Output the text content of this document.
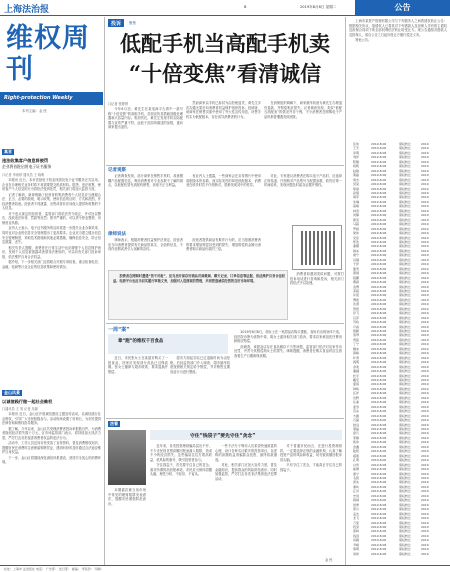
上海法治报	B	2019年8月6日 星期二	公告
维权周刊
Right-protection Weekly
本刊主编：金 民
真言
违法收集客户信息将被罚
企业将首批启用电子证书服务
口记者 李雨婷 通讯员 王 晓明

本报讯 近日，本市首批电子营业执照及电子证书服务正式启用，企业在办理相关业务时将不再需要提交纸质材料。据悉，违法收集、使用客户个人信息的行为将依法受到处罚，相关部门将加大监管力度。

记者了解到，新规明确了经营者收集消费者个人信息应当遵循合法、正当、必要的原则，明示收集、使用信息的目的、方式和范围，并经消费者同意。经营者不得泄露、出售或者非法向他人提供所收集的个人信息。

对于违反规定的经营者，监管部门将依法责令改正，并可处以警告、没收违法所得、罚款等处罚；情节严重的，可以责令停业整顿、吊销营业执照。

业内人士表示，电子证书服务的启用将进一步提升企业办事效率，同时也对企业的信息安全管理提出了更高要求。企业应当建立健全信息安全管理制度，采取技术措施和其他必要措施，确保信息安全，防止信息泄露、丢失。

相关负责人提醒，消费者在日常生活中也应增强个人信息保护意识，发现个人信息被泄露或者被非法使用的，可以向有关部门投诉举报，依法维护自身合法权益。

据介绍，下一步相关部门还将联合开展专项检查，重点检查电信、金融、电商等行业企业的信息收集和使用情况。

金山风景
以诚信践行做一起社会维权
口通讯员 王 易 记者 吴颖

本报讯 近日，金山区开展诚信建设主题宣传活动，以诚信践行社会维权，引导广大市民积极参与。活动现场设置了咨询台，为市民提供法律咨询和维权指导服务。

据了解，今年以来，金山区共受理消费者投诉举报数百件，为消费者挽回经济损失数十万元。区市场监管部门表示，将持续加大执法力度，严厉打击各类侵害消费者权益的违法行为。

活动中，工作人员还向市民发放了宣传资料，普及消费维权知识，提醒市民在消费时注意保留购物凭证，遇到纠纷时及时通过合法途径维护自身权益。

下一步，金山区将继续深化诚信体系建设，营造安全放心的消费环境。

投诉	聚焦
低配手机当高配手机卖
“十倍变焦”看清诚信
口记者 张婷婷

今年6月初，黄先生在某电商平台看中一款号称“十倍变焦”的高配手机，页面宣传其搭载顶级处理器和大容量内存。收到货后，黄先生发现手机实际配置与宣传严重不符，远低于页面所描述的参数，遂向商家提出退货。

然而商家以手机已拆封为由拒绝退货，黄先生多次沟通无果后向消费者权益保护组织投诉。经调查，该商家在销售页面中使用了夸大性宣传用语，所售手机实为低配版本，存在误导消费者的行为。

在消保组织调解下，商家最终同意为黄先生办理退货退款，并赔偿相应损失。记者调查发现，类似“低配当高配卖”的情况并非个例，不少消费者在网购电子产品时都曾遭遇类似困扰。

记者观察

记者调查发现，部分商家在销售手机时，故意模糊产品配置信息，利用消费者对专业参数不了解的弱点，以低配机冒充高配机销售，获取不正当利益。

有业内人士透露，一些商家会在宣传图片中使用高配版本的参数，而实际发货的却是低配版本，消费者在收货时若不仔细核对，很难发现其中的差异。

对此，专家建议消费者在购买电子产品时，应选择正规渠道，仔细核对产品型号与配置参数，收货后第一时间验机，发现问题及时留存证据并维权。

律师说法

律师表示，根据消费者权益保护法规定，经营者应当向消费者提供有关商品的真实、全面的信息，不得作虚假或者引人误解的宣传。

经营者提供商品有欺诈行为的，应当按照消费者的要求增加赔偿其受到的损失，增加赔偿的金额为消费者购买商品价款的三倍。

消费者在网购时遭遇“货不对板”，应当及时保存好商品页面截图、聊天记录、订单信息等证据，依法维护自身合法权益。电商平台也应当切实履行审核义务，加强对入驻商家的管理，共同营造诚信经营的良好市场环境。

消费者如遇到类似问题，可拨打投诉电话进行咨询和投诉，相关部门将依法予以处理。

一周“案”
章“跑”的维权千百食品

近日，市民张女士在某超市购买了一批食品，回家后发现部分食品已过保质期。张女士随即与超市联系，要求退换并赔偿。

超市方面起初以已过退换时间为由拒绝，后经监管部门介入调查，超市最终同意按照相关规定给予赔偿，并对销售过期食品行为进行整改。

2019年6月8日，胡女士在一家甜品店购买蛋糕，食用后出现身体不适。经医院诊断为食物中毒，胡女士遂向相关部门投诉，要求店家承担医疗费用和相应赔偿。

经调查，该甜品店存在食品储存不当等问题，监管部门依法对店家作出处罚，并责令其赔偿胡女士的损失。律师提醒，消费者在购买食品时应注意查看生产日期和保质期。

法看
守住“钱袋子”要先守住“贪念”

近年来，各类投资理财骗局层出不穷，不少市民因贪图高额回报而落入陷阱，造成不小的经济损失。这些骗局往往打着高收益、低风险的旗号，吸引投资者参与。

守住钱袋子，首先要守住自己的贪念。面对所谓的高回报承诺，市民应当保持清醒头脑，理性分析，不轻信、不盲从。

一些不法分子利用人们希望快速致富的心理，设计各种名目繁多的投资项目，以虚构的高额收益诱骗群众投资，最终卷款潜逃。

对此，相关部门应加大宣传力度，普及金融知识，提高群众的风险防范意识；同时加强监管，严厉打击各类非法集资违法犯罪活动。

对于普通市民而言，在进行投资理财时，一定要选择正规的金融机构，认真了解投资产品的风险和收益，切勿被高额回报冲昏头脑。

只有守住了贪念，才能真正守住自己的钱袋子。

金 民

本期嘉宾就当前市场中常见的理财陷阱发表看法，提醒市民增强防范意识。

上海市某资产管理有限公司与下列债务人之间的债权转让公告：根据相关协议，原债权人已将其对下列借款人及担保人享有的主债权及担保合同项下的全部权利依法转让给受让方。现公告通知各借款人及担保人，请自公告之日起向受让方履行偿还义务。

特此公告。

张伟	2019.8.06	债权转让	2019
王芳	2019.8.06	债权转让	2019
李明	2019.8.06	债权转让	2019
刘洋	2019.8.06	债权转让	2019
陈静	2019.8.06	债权转让	2019
杨帆	2019.8.06	债权转让	2019
赵敏	2019.8.06	债权转让	2019
黄磊	2019.8.06	债权转让	2019
周杰	2019.8.06	债权转让	2019
吴昊	2019.8.06	债权转让	2019
徐丽	2019.8.06	债权转让	2019
孙强	2019.8.06	债权转让	2019
胡军	2019.8.06	债权转让	2019
朱琳	2019.8.06	债权转让	2019
高峰	2019.8.06	债权转让	2019
林涛	2019.8.06	债权转让	2019
何静	2019.8.06	债权转让	2019
郭亮	2019.8.06	债权转让	2019
马超	2019.8.06	债权转让	2019
罗娟	2019.8.06	债权转让	2019
梁伟	2019.8.06	债权转让	2019
宋佳	2019.8.06	债权转让	2019
郑浩	2019.8.06	债权转让	2019
谢娜	2019.8.06	债权转让	2019
韩冰	2019.8.06	债权转让	2019
唐宁	2019.8.06	债权转让	2019
冯刚	2019.8.06	债权转让	2019
于洋	2019.8.06	债权转让	2019
董雪	2019.8.06	债权转让	2019
萧晨	2019.8.06	债权转让	2019
程鹏	2019.8.06	债权转让	2019
曹颖	2019.8.06	债权转让	2019
袁博	2019.8.06	债权转让	2019
邓超	2019.8.06	债权转让	2019
许诺	2019.8.06	债权转让	2019
傅雷	2019.8.06	债权转让	2019
沈清	2019.8.06	债权转让	2019
曾毅	2019.8.06	债权转让	2019
彭飞	2019.8.06	债权转让	2019
吕萍	2019.8.06	债权转让	2019
苏杭	2019.8.06	债权转让	2019
卢森	2019.8.06	债权转让	2019
蒋勤	2019.8.06	债权转让	2019
蔡琴	2019.8.06	债权转让	2019
贾铭	2019.8.06	债权转让	2019
丁宁	2019.8.06	债权转让	2019
魏来	2019.8.06	债权转让	2019
薛峰	2019.8.06	债权转让	2019
叶青	2019.8.06	债权转让	2019
阎明	2019.8.06	债权转让	2019
余欢	2019.8.06	债权转让	2019
潘越	2019.8.06	债权转让	2019
杜宇	2019.8.06	债权转让	2019
戴安	2019.8.06	债权转让	2019
夏雨	2019.8.06	债权转让	2019
钟鸣	2019.8.06	债权转让	2019
汪洋	2019.8.06	债权转让	2019
田野	2019.8.06	债权转让	2019
任重	2019.8.06	债权转让	2019
姜涛	2019.8.06	债权转让	2019
范冰	2019.8.06	债权转让	2019
方圆	2019.8.06	债权转让	2019
石磊	2019.8.06	债权转让	2019
姚远	2019.8.06	债权转让	2019
谭晶	2019.8.06	债权转让	2019
廖凡	2019.8.06	债权转让	2019
邹静	2019.8.06	债权转让	2019
熊伟	2019.8.06	债权转让	2019
金鑫	2019.8.06	债权转让	2019
陆毅	2019.8.06	债权转让	2019
郝蕾	2019.8.06	债权转让	2019
孔明	2019.8.06	债权转让	2019
白雪	2019.8.06	债权转让	2019
崔健	2019.8.06	债权转让	2019
康宁	2019.8.06	债权转让	2019
毛毅	2019.8.06	债权转让	2019
邱实	2019.8.06	债权转让	2019
秦岭	2019.8.06	债权转让	2019
江河	2019.8.06	债权转让	2019
史进	2019.8.06	债权转让	2019
顾城	2019.8.06	债权转让	2019
侯勇	2019.8.06	债权转让	2019
邵兵	2019.8.06	债权转让	2019
孟洁	2019.8.06	债权转让	2019
龙飞	2019.8.06	债权转让	2019
万里	2019.8.06	债权转让	2019
段誉	2019.8.06	债权转让	2019
雷鸣	2019.8.06	债权转让	2019
钱进	2019.8.06	债权转让	2019
汤圆	2019.8.06	债权转让	2019
尹峰	2019.8.06	债权转让	2019
黎明	2019.8.06	债权转让	2019
易烊	2019.8.06	债权转让	2019
社址：上海市 法治报社 电话： 广告部： 发行部： 邮编： 零售价： 印刷：
